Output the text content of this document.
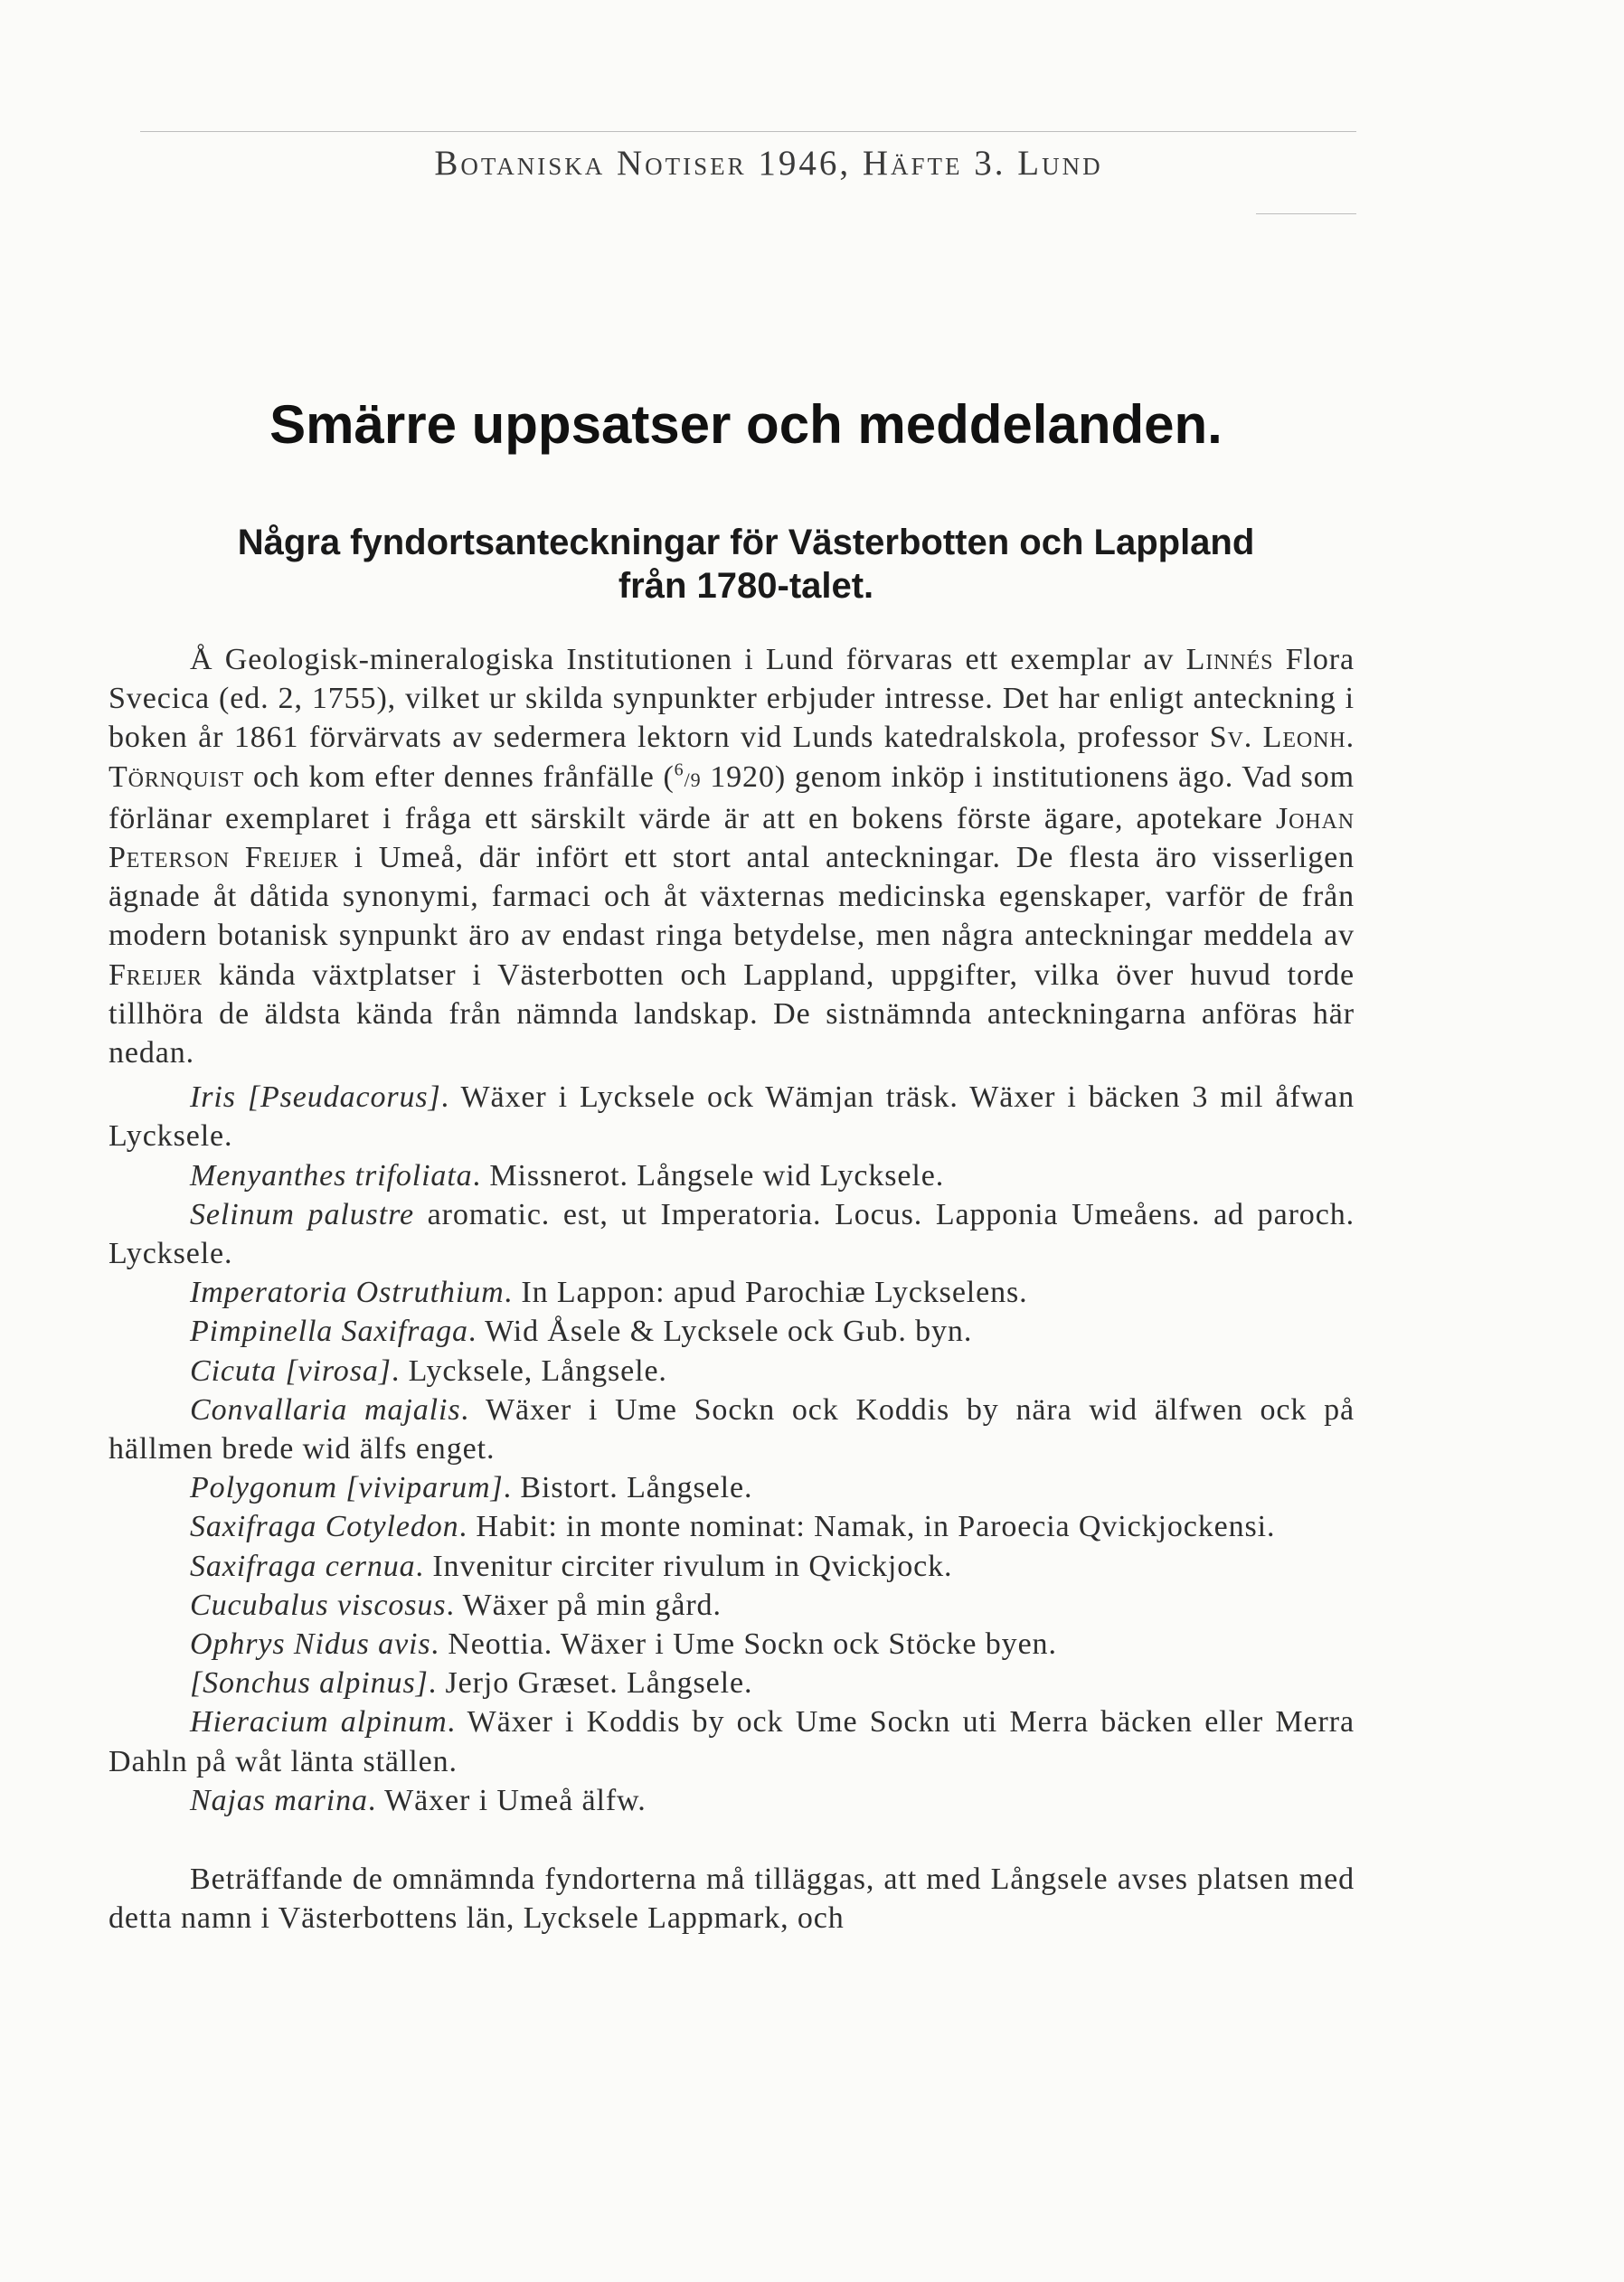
Botaniska Notiser 1946, Häfte 3. Lund
Smärre uppsatser och meddelanden.
Några fyndortsanteckningar för Västerbotten och Lappland
från 1780-talet.

Å Geologisk-mineralogiska Institutionen i Lund förvaras ett exemplar av Linnés Flora Svecica (ed. 2, 1755), vilket ur skilda synpunkter erbjuder intresse. Det har enligt anteckning i boken år 1861 förvärvats av sedermera lektorn vid Lunds katedralskola, professor Sv. Leonh. Törnquist och kom efter dennes frånfälle ($^6$/9 1920) genom inköp i institutionens ägo. Vad som förlänar exemplaret i fråga ett särskilt värde är att en bokens förste ägare, apotekare Johan Peterson Freijer i Umeå, där infört ett stort antal anteckningar. De flesta äro visserligen ägnade åt dåtida synonymi, farmaci och åt växternas medicinska egenskaper, varför de från modern botanisk synpunkt äro av endast ringa betydelse, men några anteckningar meddela av Freijer kända växtplatser i Västerbotten och Lappland, uppgifter, vilka över huvud torde tillhöra de äldsta kända från nämnda landskap. De sistnämnda anteckningarna anföras här nedan.

Iris [Pseudacorus]. Wäxer i Lycksele ock Wämjan träsk. Wäxer i bäcken 3 mil åfwan Lycksele.

Menyanthes trifoliata. Missnerot. Långsele wid Lycksele.

Selinum palustre aromatic. est, ut Imperatoria. Locus. Lapponia Umeåens. ad paroch. Lycksele.

Imperatoria Ostruthium. In Lappon: apud Parochiæ Lyckselens.

Pimpinella Saxifraga. Wid Åsele & Lycksele ock Gub. byn.

Cicuta [virosa]. Lycksele, Långsele.

Convallaria majalis. Wäxer i Ume Sockn ock Koddis by nära wid älfwen ock på hällmen brede wid älfs enget.

Polygonum [viviparum]. Bistort. Långsele.

Saxifraga Cotyledon. Habit: in monte nominat: Namak, in Paroecia Qvickjockensi.

Saxifraga cernua. Invenitur circiter rivulum in Qvickjock.

Cucubalus viscosus. Wäxer på min gård.

Ophrys Nidus avis. Neottia. Wäxer i Ume Sockn ock Stöcke byen.

[Sonchus alpinus]. Jerjo Græset. Långsele.

Hieracium alpinum. Wäxer i Koddis by ock Ume Sockn uti Merra bäcken eller Merra Dahln på wåt länta ställen.

Najas marina. Wäxer i Umeå älfw.

Beträffande de omnämnda fyndorterna må tilläggas, att med Långsele avses platsen med detta namn i Västerbottens län, Lycksele Lappmark, och
